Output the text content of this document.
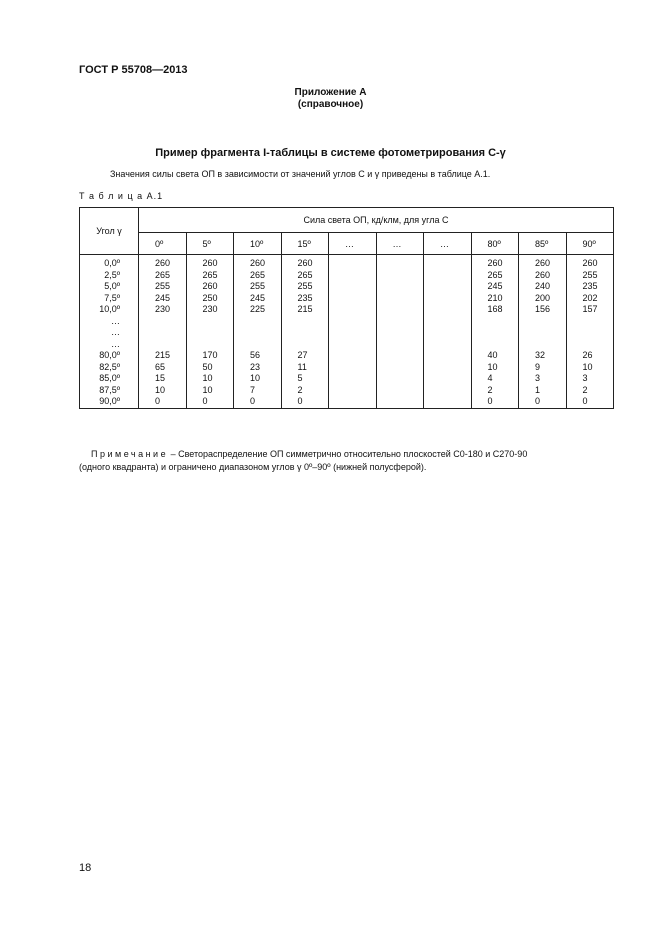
ГОСТ Р 55708—2013
Приложение А
(справочное)
Пример фрагмента I-таблицы в системе фотометрирования C-γ
Значения силы света ОП в зависимости от значений углов C и γ приведены в таблице А.1.
Т а б л и ц а А.1
Угол γ	Сила света ОП, кд/клм, для угла C									
	0º	5º	10º	15º	…	…	…	80º	85º	90º
0,0º	260	260	260	260				260	260	260
2,5º	265	265	265	265				265	260	255
5,0º	255	260	255	255				245	240	235
7,5º	245	250	245	235				210	200	202
10,0º	230	230	225	215				168	156	157
…										
…										
…										
80,0º	215	170	56	27				40	32	26
82,5º	65	50	23	11				10	9	10
85,0º	15	10	10	5				4	3	3
87,5º	10	10	7	2				2	1	2
90,0º	0	0	0	0				0	0	0
Примечание – Светораспределение ОП симметрично относительно плоскостей C0-180 и C270-90
(одного квадранта) и ограничено диапазоном углов γ 0º–90º (нижней полусферой).
18
